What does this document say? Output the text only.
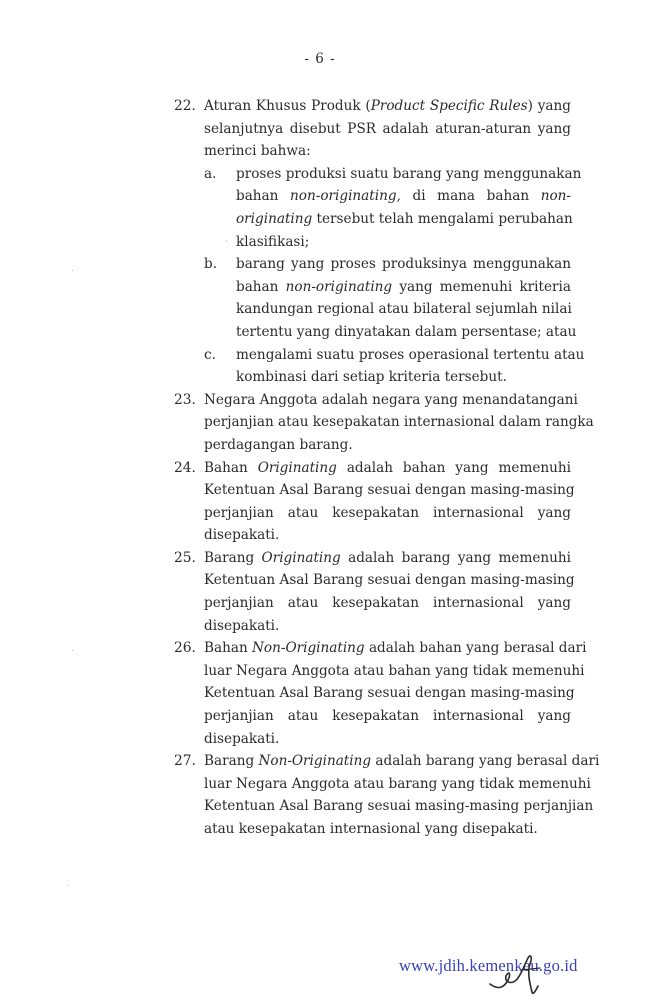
- 6 -
22. Aturan Khusus Produk (Product Specific Rules) yang
selanjutnya disebut PSR adalah aturan-aturan yang
merinci bahwa:
a. proses produksi suatu barang yang menggunakan
bahan non-originating, di mana bahan non-
originating tersebut telah mengalami perubahan
klasifikasi;
b. barang yang proses produksinya menggunakan
bahan non-originating yang memenuhi kriteria
kandungan regional atau bilateral sejumlah nilai
tertentu yang dinyatakan dalam persentase; atau
c. mengalami suatu proses operasional tertentu atau
kombinasi dari setiap kriteria tersebut.
23. Negara Anggota adalah negara yang menandatangani
perjanjian atau kesepakatan internasional dalam rangka
perdagangan barang.
24. Bahan Originating adalah bahan yang memenuhi
Ketentuan Asal Barang sesuai dengan masing-masing
perjanjian atau kesepakatan internasional yang
disepakati.
25. Barang Originating adalah barang yang memenuhi
Ketentuan Asal Barang sesuai dengan masing-masing
perjanjian atau kesepakatan internasional yang
disepakati.
26. Bahan Non-Originating adalah bahan yang berasal dari
luar Negara Anggota atau bahan yang tidak memenuhi
Ketentuan Asal Barang sesuai dengan masing-masing
perjanjian atau kesepakatan internasional yang
disepakati.
27. Barang Non-Originating adalah barang yang berasal dari
luar Negara Anggota atau barang yang tidak memenuhi
Ketentuan Asal Barang sesuai masing-masing perjanjian
atau kesepakatan internasional yang disepakati.
www.jdih.kemenkeu.go.id
